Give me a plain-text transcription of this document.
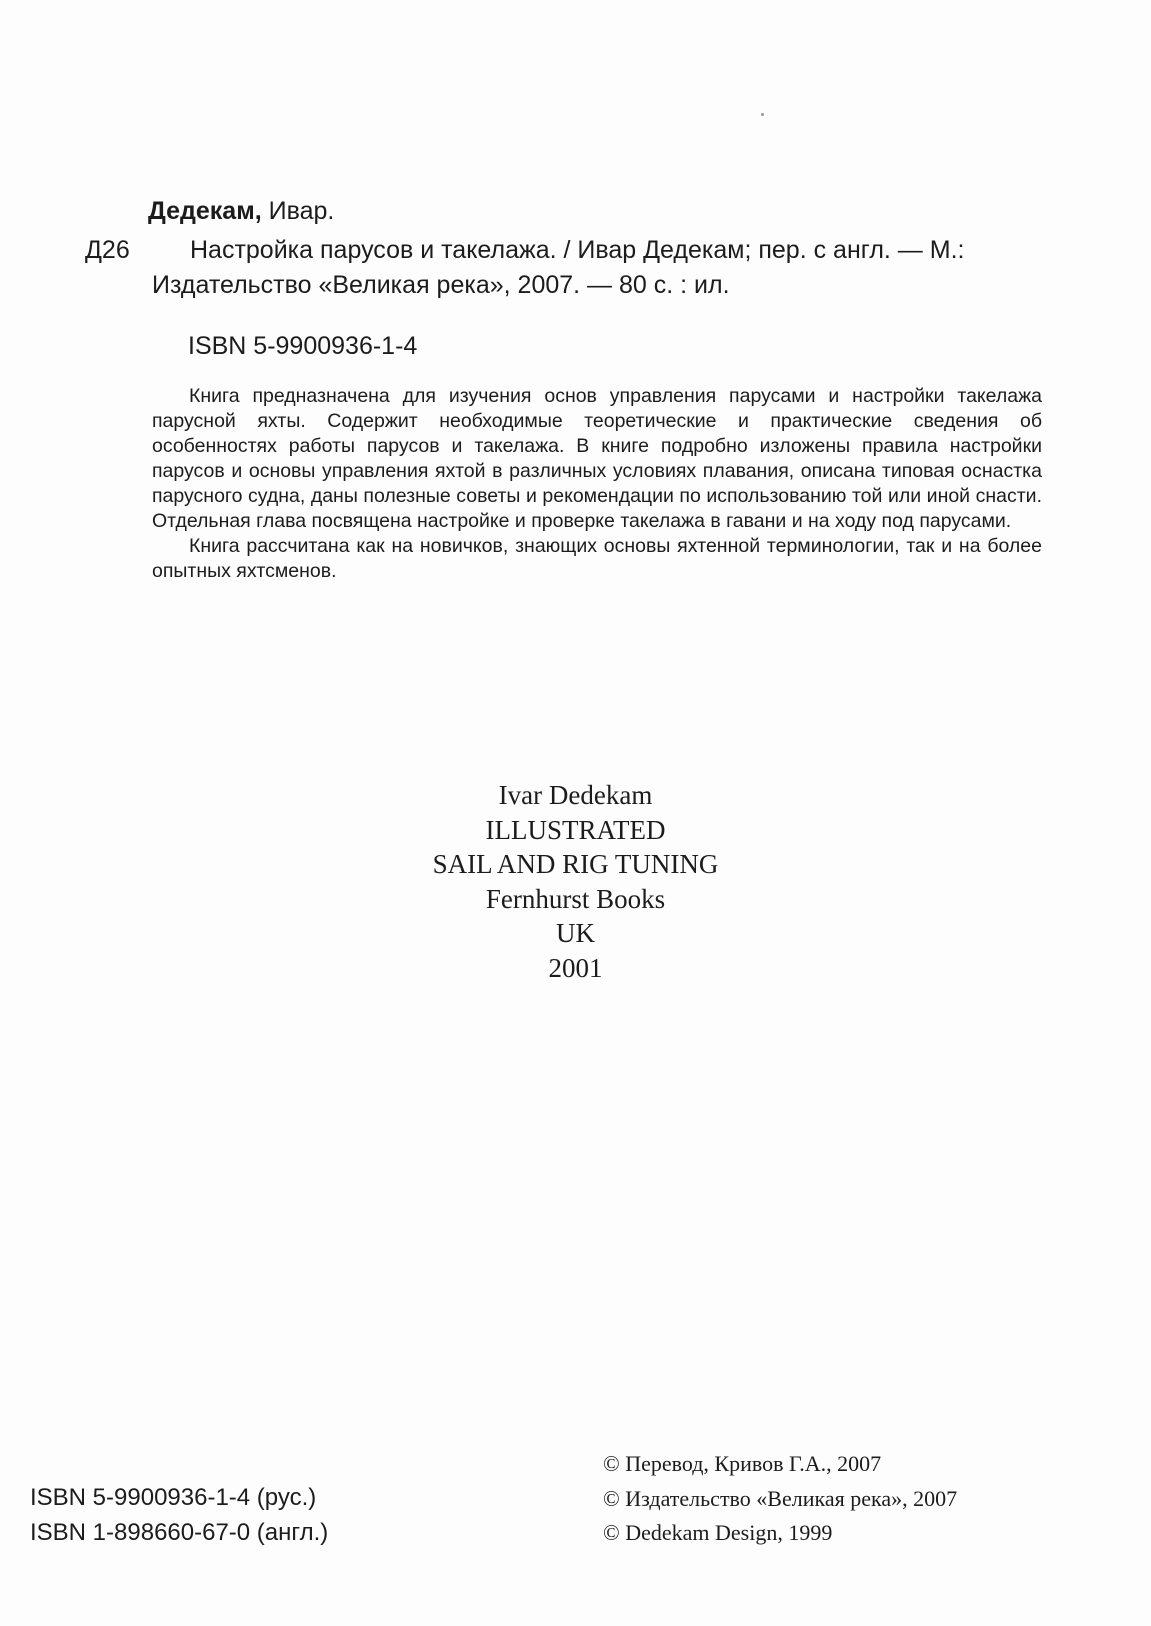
Дедекам, Ивар.
Д26 Настройка парусов и такелажа. / Ивар Дедекам; пер. с англ. — М.:
Издательство «Великая река», 2007. — 80 с. : ил.
ISBN 5-9900936-1-4

Книга предназначена для изучения основ управления парусами и настройки такелажа парусной яхты. Содержит необходимые теоретические и практические сведения об особенностях работы парусов и такелажа. В книге подробно изложены правила настройки парусов и основы управления яхтой в различных условиях плавания, описана типовая оснастка парусного судна, даны полезные советы и рекомендации по использованию той или иной снасти. Отдельная глава посвящена настройке и проверке такелажа в гавани и на ходу под парусами.

Книга рассчитана как на новичков, знающих основы яхтенной терминологии, так и на более опытных яхтсменов.

Ivar Dedekam
ILLUSTRATED
SAIL AND RIG TUNING
Fernhurst Books
UK
2001
ISBN 5-9900936-1-4 (рус.)
ISBN 1-898660-67-0 (англ.)
© Перевод, Кривов Г.А., 2007
© Издательство «Великая река», 2007
© Dedekam Design, 1999
